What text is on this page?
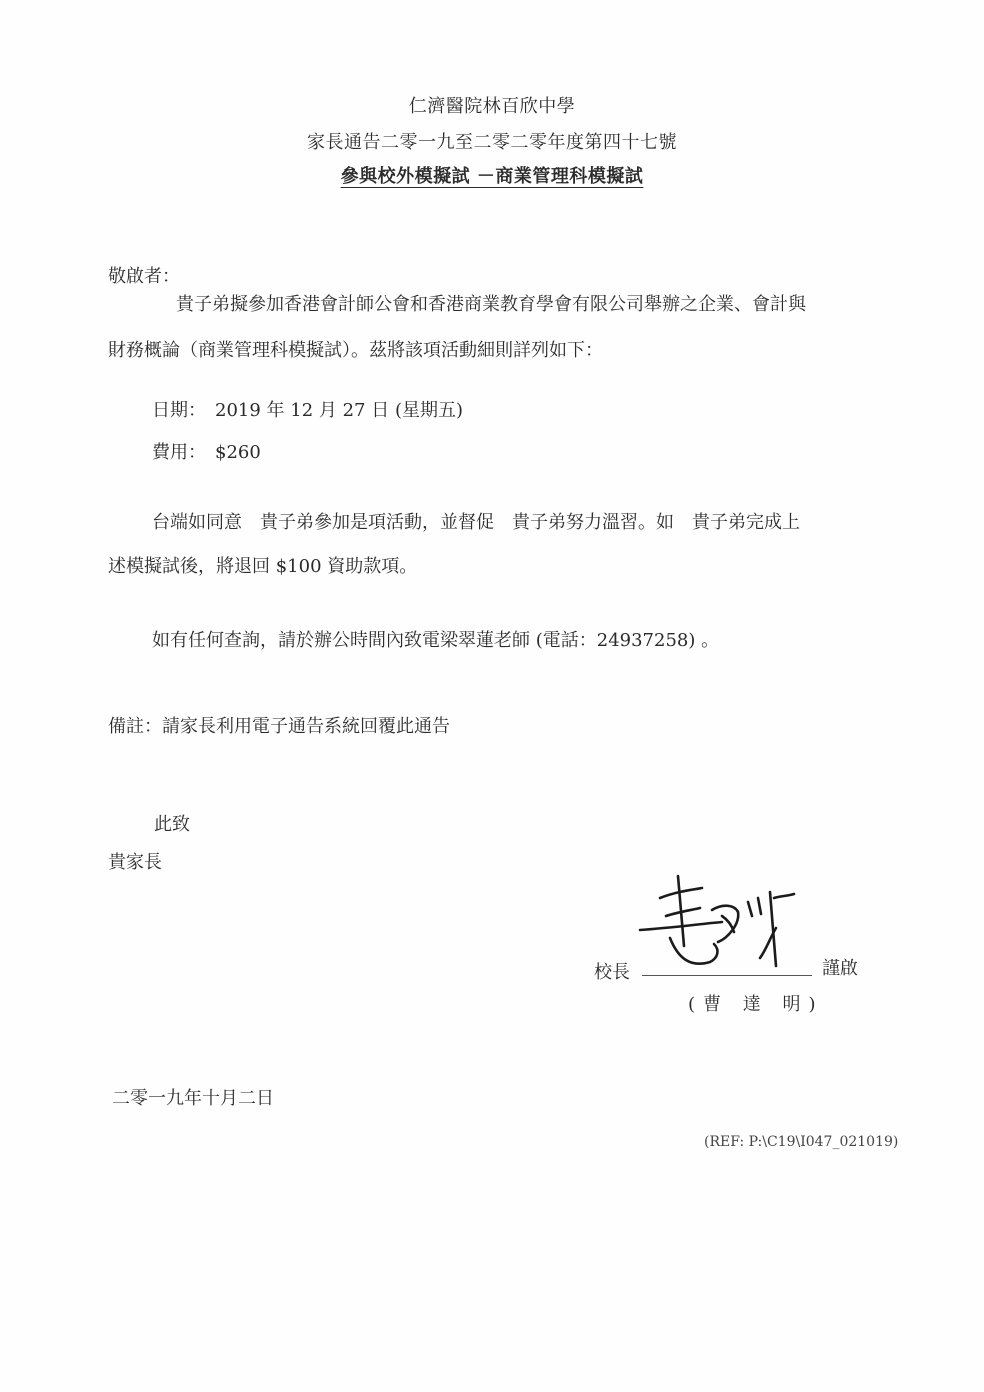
仁濟醫院林百欣中學
家長通告二零一九至二零二零年度第四十七號
參與校外模擬試 －商業管理科模擬試
敬啟者：
貴子弟擬參加香港會計師公會和香港商業教育學會有限公司舉辦之企業、會計與
財務概論（商業管理科模擬試）。茲將該項活動細則詳列如下：
日期：　2019 年 12 月 27 日 (星期五)
費用：　$260
台端如同意　貴子弟參加是項活動，並督促　貴子弟努力溫習。如　貴子弟完成上
述模擬試後，將退回 $100 資助款項。
如有任何查詢，請於辦公時間內致電梁翠蓮老師 (電話：24937258) 。
備註：請家長利用電子通告系統回覆此通告
此致
貴家長
校長	謹啟
(曹 達 明)
二零一九年十月二日
(REF: P:\C19\I047_021019)
